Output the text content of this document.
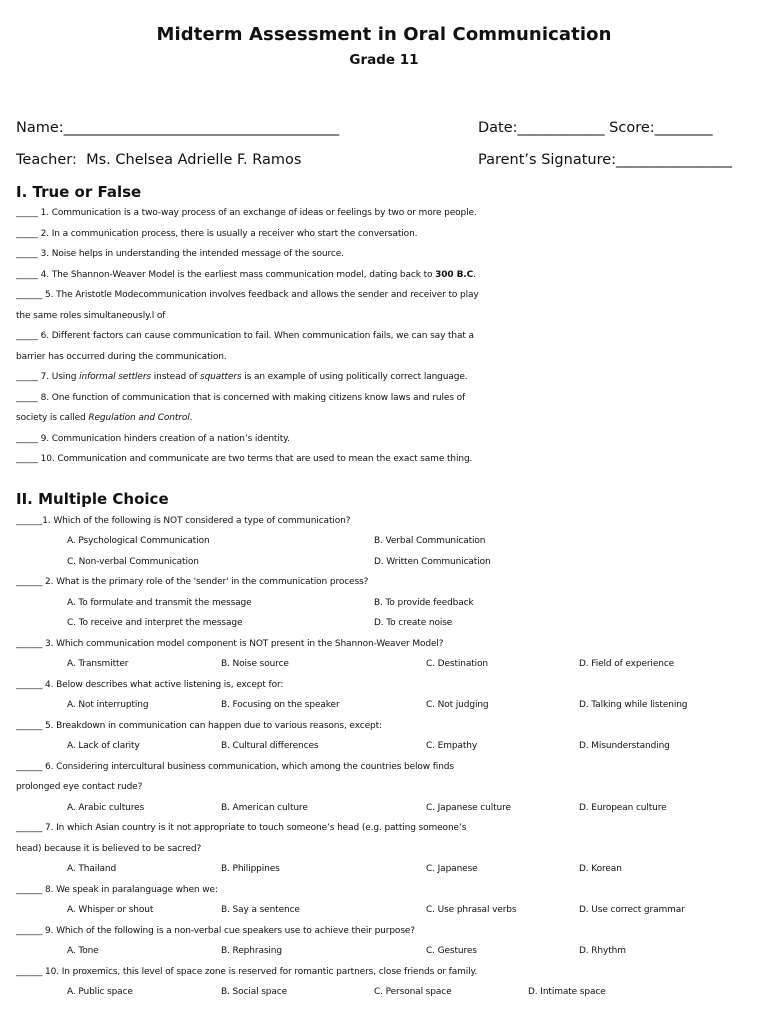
Midterm Assessment in Oral Communication
Grade 11
Name:______________________________________	Date:____________ Score:________
Teacher: Ms. Chelsea Adrielle F. Ramos	Parent’s Signature:________________
I. True or False
_____ 1. Communication is a two-way process of an exchange of ideas or feelings by two or more people.
_____ 2. In a communication process, there is usually a receiver who start the conversation.
_____ 3. Noise helps in understanding the intended message of the source.
_____ 4. The Shannon-Weaver Model is the earliest mass communication model, dating back to 300 B.C.
______ 5. The Aristotle Modecommunication involves feedback and allows the sender and receiver to play
the same roles simultaneously.l of
_____ 6. Different factors can cause communication to fail. When communication fails, we can say that a
barrier has occurred during the communication.
_____ 7. Using informal settlers instead of squatters is an example of using politically correct language.
_____ 8. One function of communication that is concerned with making citizens know laws and rules of
society is called Regulation and Control.
_____ 9. Communication hinders creation of a nation’s identity.
_____ 10. Communication and communicate are two terms that are used to mean the exact same thing.
II. Multiple Choice
______1. Which of the following is NOT considered a type of communication?
A. Psychological Communication	B. Verbal Communication
C. Non-verbal Communication	D. Written Communication
______ 2. What is the primary role of the 'sender' in the communication process?
A. To formulate and transmit the message	B. To provide feedback
C. To receive and interpret the message	D. To create noise
______ 3. Which communication model component is NOT present in the Shannon-Weaver Model?
A. Transmitter	B. Noise source	C. Destination	D. Field of experience
______ 4. Below describes what active listening is, except for:
A. Not interrupting	B. Focusing on the speaker	C. Not judging	D. Talking while listening
______ 5. Breakdown in communication can happen due to various reasons, except:
A. Lack of clarity	B. Cultural differences	C. Empathy	D. Misunderstanding
______ 6. Considering intercultural business communication, which among the countries below finds
prolonged eye contact rude?
A. Arabic cultures	B. American culture	C. Japanese culture	D. European culture
______ 7. In which Asian country is it not appropriate to touch someone’s head (e.g. patting someone’s
head) because it is believed to be sacred?
A. Thailand	B. Philippines	C. Japanese	D. Korean
______ 8. We speak in paralanguage when we:
A. Whisper or shout	B. Say a sentence	C. Use phrasal verbs	D. Use correct grammar
______ 9. Which of the following is a non-verbal cue speakers use to achieve their purpose?
A. Tone	B. Rephrasing	C. Gestures	D. Rhythm
______ 10. In proxemics, this level of space zone is reserved for romantic partners, close friends or family.
A. Public space	B. Social space	C. Personal space	D. Intimate space
